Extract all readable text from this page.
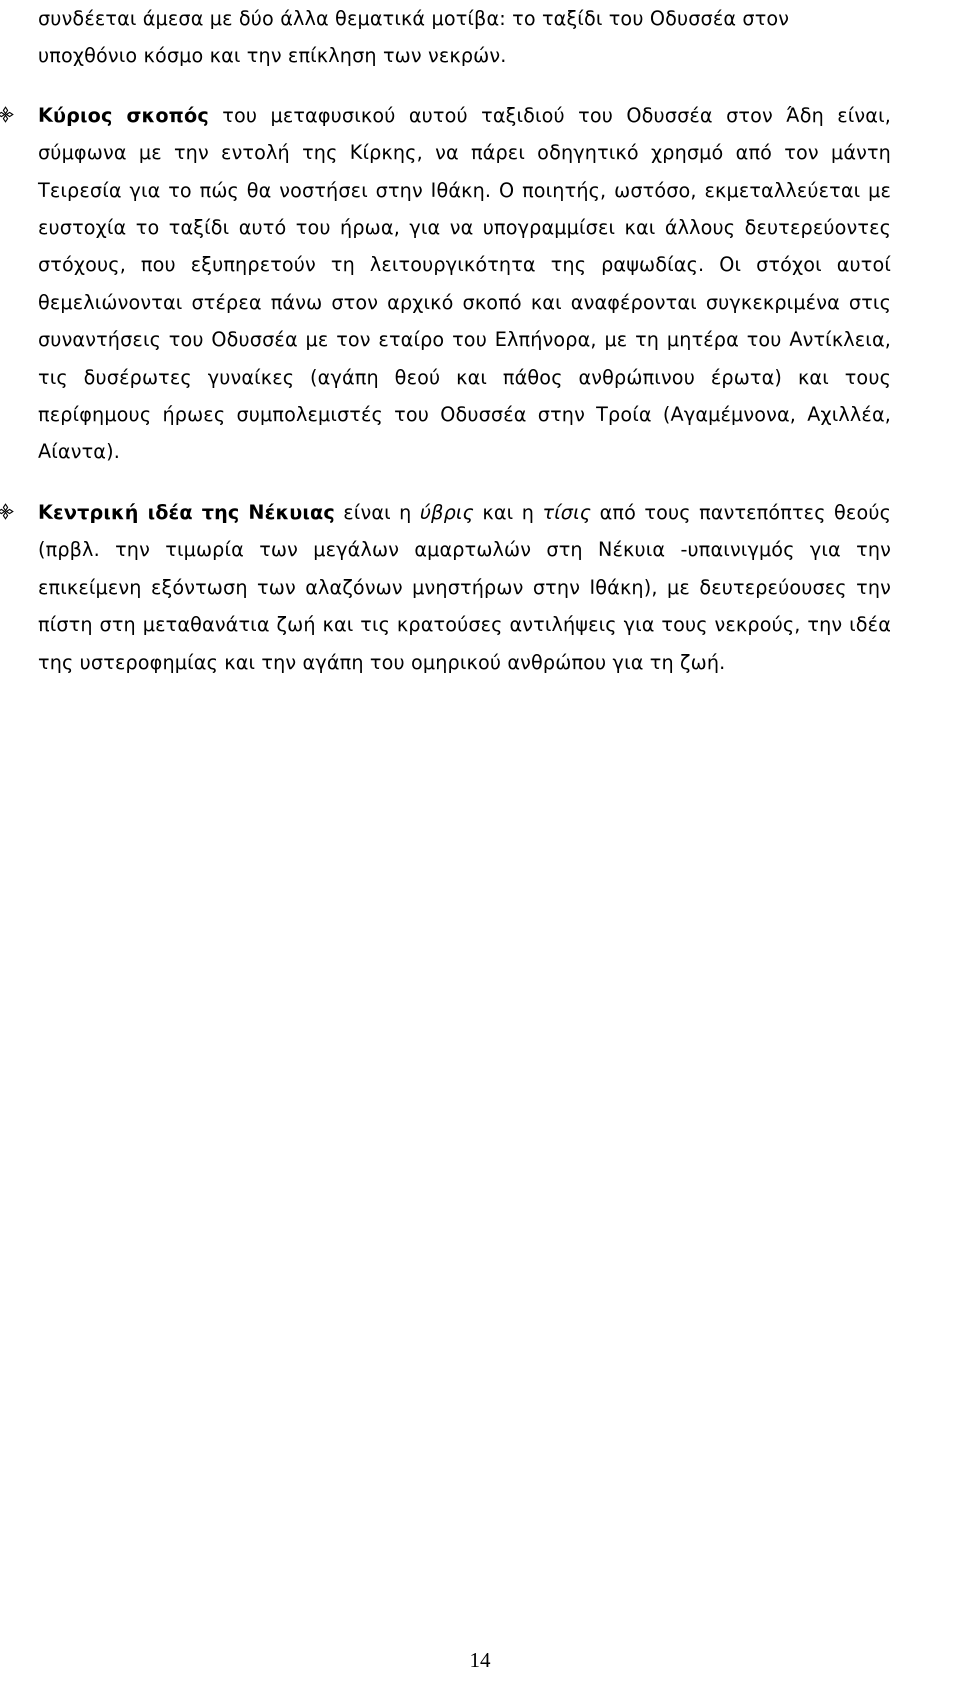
συνδέεται άμεσα με δύο άλλα θεματικά μοτίβα: το ταξίδι του Οδυσσέα στον υποχθόνιο κόσμο και την επίκληση των νεκρών.

Κύριος σκοπός του μεταφυσικού αυτού ταξιδιού του Οδυσσέα στον Άδη είναι, σύμφωνα με την εντολή της Κίρκης, να πάρει οδηγητικό χρησμό από τον μάντη Τειρεσία για το πώς θα νοστήσει στην Ιθάκη. Ο ποιητής, ωστόσο, εκμεταλλεύεται με ευστοχία το ταξίδι αυτό του ήρωα, για να υπογραμμίσει και άλλους δευτερεύοντες στόχους, που εξυπηρετούν τη λειτουργικότητα της ραψωδίας. Οι στόχοι αυτοί θεμελιώνονται στέρεα πάνω στον αρχικό σκοπό και αναφέρονται συγκεκριμένα στις συναντήσεις του Οδυσσέα με τον εταίρο του Ελπήνορα, με τη μητέρα του Αντίκλεια, τις δυσέρωτες γυναίκες (αγάπη θεού και πάθος ανθρώπινου έρωτα) και τους περίφημους ήρωες συμπολεμιστές του Οδυσσέα στην Τροία (Αγαμέμνονα, Αχιλλέα, Αίαντα).

Κεντρική ιδέα της Νέκυιας είναι η ύβρις και η τίσις από τους παντεπόπτες θεούς (πρβλ. την τιμωρία των μεγάλων αμαρτωλών στη Νέκυια -υπαινιγμός για την επικείμενη εξόντωση των αλαζόνων μνηστήρων στην Ιθάκη), με δευτερεύουσες την πίστη στη μεταθανάτια ζωή και τις κρατούσες αντιλήψεις για τους νεκρούς, την ιδέα της υστεροφημίας και την αγάπη του ομηρικού ανθρώπου για τη ζωή.

14
